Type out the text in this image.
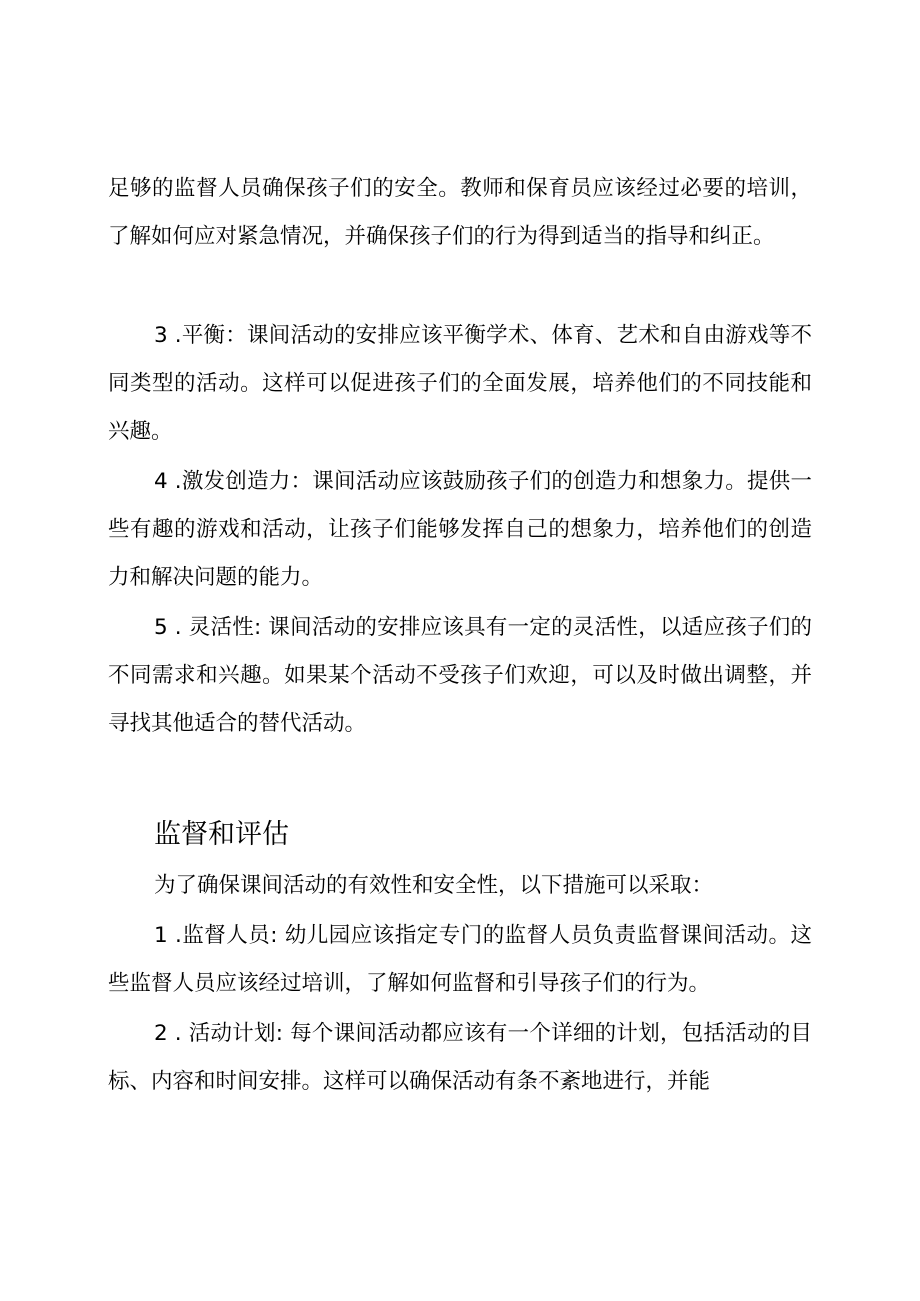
足够的监督人员确保孩子们的安全。教师和保育员应该经过必要的培训，了解如何应对紧急情况，并确保孩子们的行为得到适当的指导和纠正。

3 .平衡：课间活动的安排应该平衡学术、体育、艺术和自由游戏等不同类型的活动。这样可以促进孩子们的全面发展，培养他们的不同技能和兴趣。

4 .激发创造力：课间活动应该鼓励孩子们的创造力和想象力。提供一些有趣的游戏和活动，让孩子们能够发挥自己的想象力，培养他们的创造力和解决问题的能力。

5 . 灵活性: 课间活动的安排应该具有一定的灵活性，以适应孩子们的不同需求和兴趣。如果某个活动不受孩子们欢迎，可以及时做出调整，并寻找其他适合的替代活动。

监督和评估

为了确保课间活动的有效性和安全性，以下措施可以采取：

1 .监督人员: 幼儿园应该指定专门的监督人员负责监督课间活动。这些监督人员应该经过培训，了解如何监督和引导孩子们的行为。

2 . 活动计划: 每个课间活动都应该有一个详细的计划，包括活动的目标、内容和时间安排。这样可以确保活动有条不紊地进行，并能
